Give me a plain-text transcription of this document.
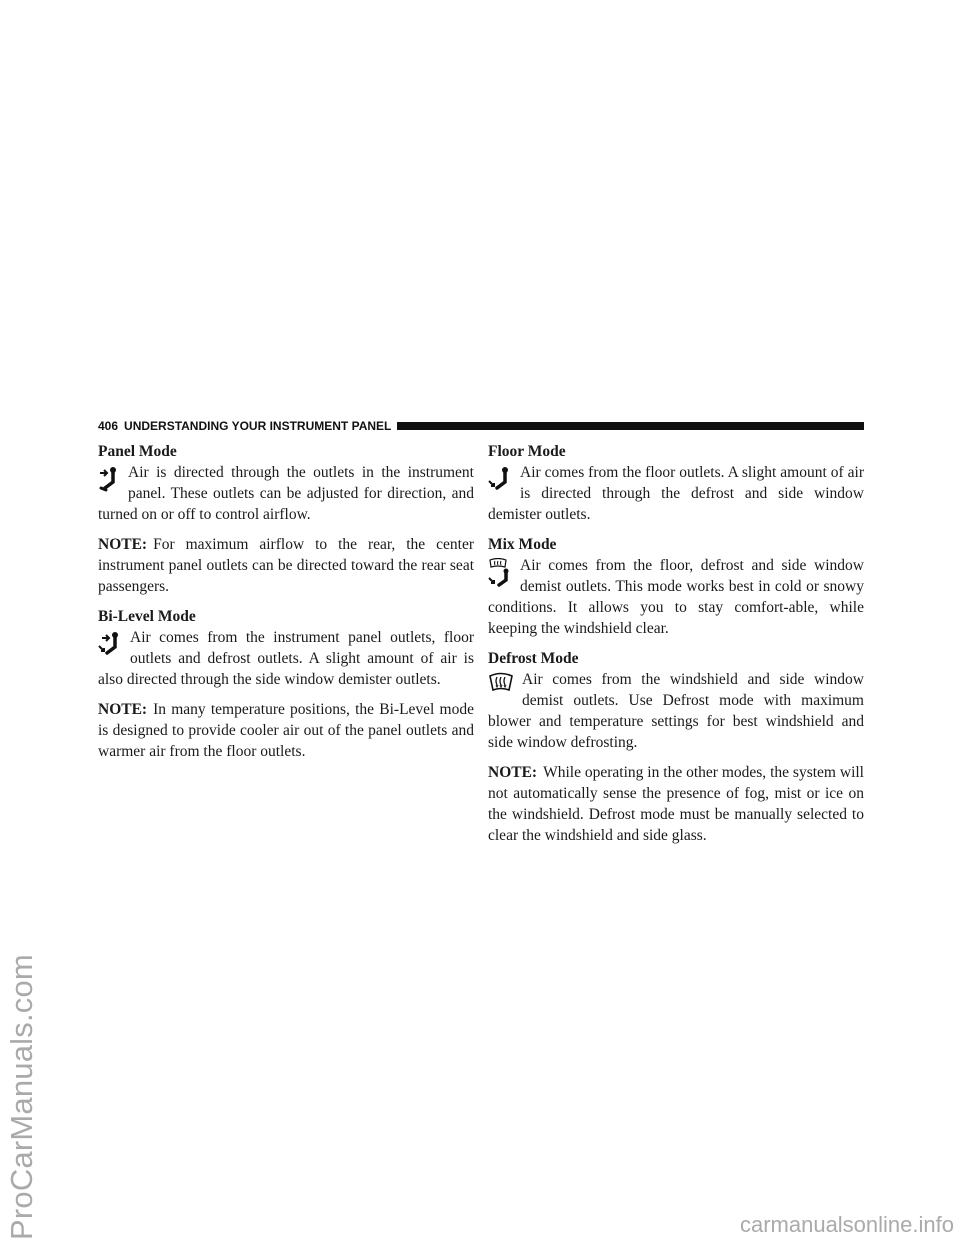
ProCarManuals.com	carmanualsonline.info
406 UNDERSTANDING YOUR INSTRUMENT PANEL
Panel Mode

Air is directed through the outlets in the instrument panel. These outlets can be adjusted for direction, and turned on or off to control airflow.

NOTE: For maximum airflow to the rear, the center instrument panel outlets can be directed toward the rear seat passengers.

Bi-Level Mode

Air comes from the instrument panel outlets, floor outlets and defrost outlets. A slight amount of air is also directed through the side window demister outlets.

NOTE: In many temperature positions, the Bi-Level mode is designed to provide cooler air out of the panel outlets and warmer air from the floor outlets.

Floor Mode

Air comes from the floor outlets. A slight amount of air is directed through the defrost and side window demister outlets.

Mix Mode

Air comes from the floor, defrost and side window demist outlets. This mode works best in cold or snowy conditions. It allows you to stay comfort-able, while keeping the windshield clear.

Defrost Mode

Air comes from the windshield and side window demist outlets. Use Defrost mode with maximum blower and temperature settings for best windshield and side window defrosting.

NOTE: While operating in the other modes, the system will not automatically sense the presence of fog, mist or ice on the windshield. Defrost mode must be manually selected to clear the windshield and side glass.
